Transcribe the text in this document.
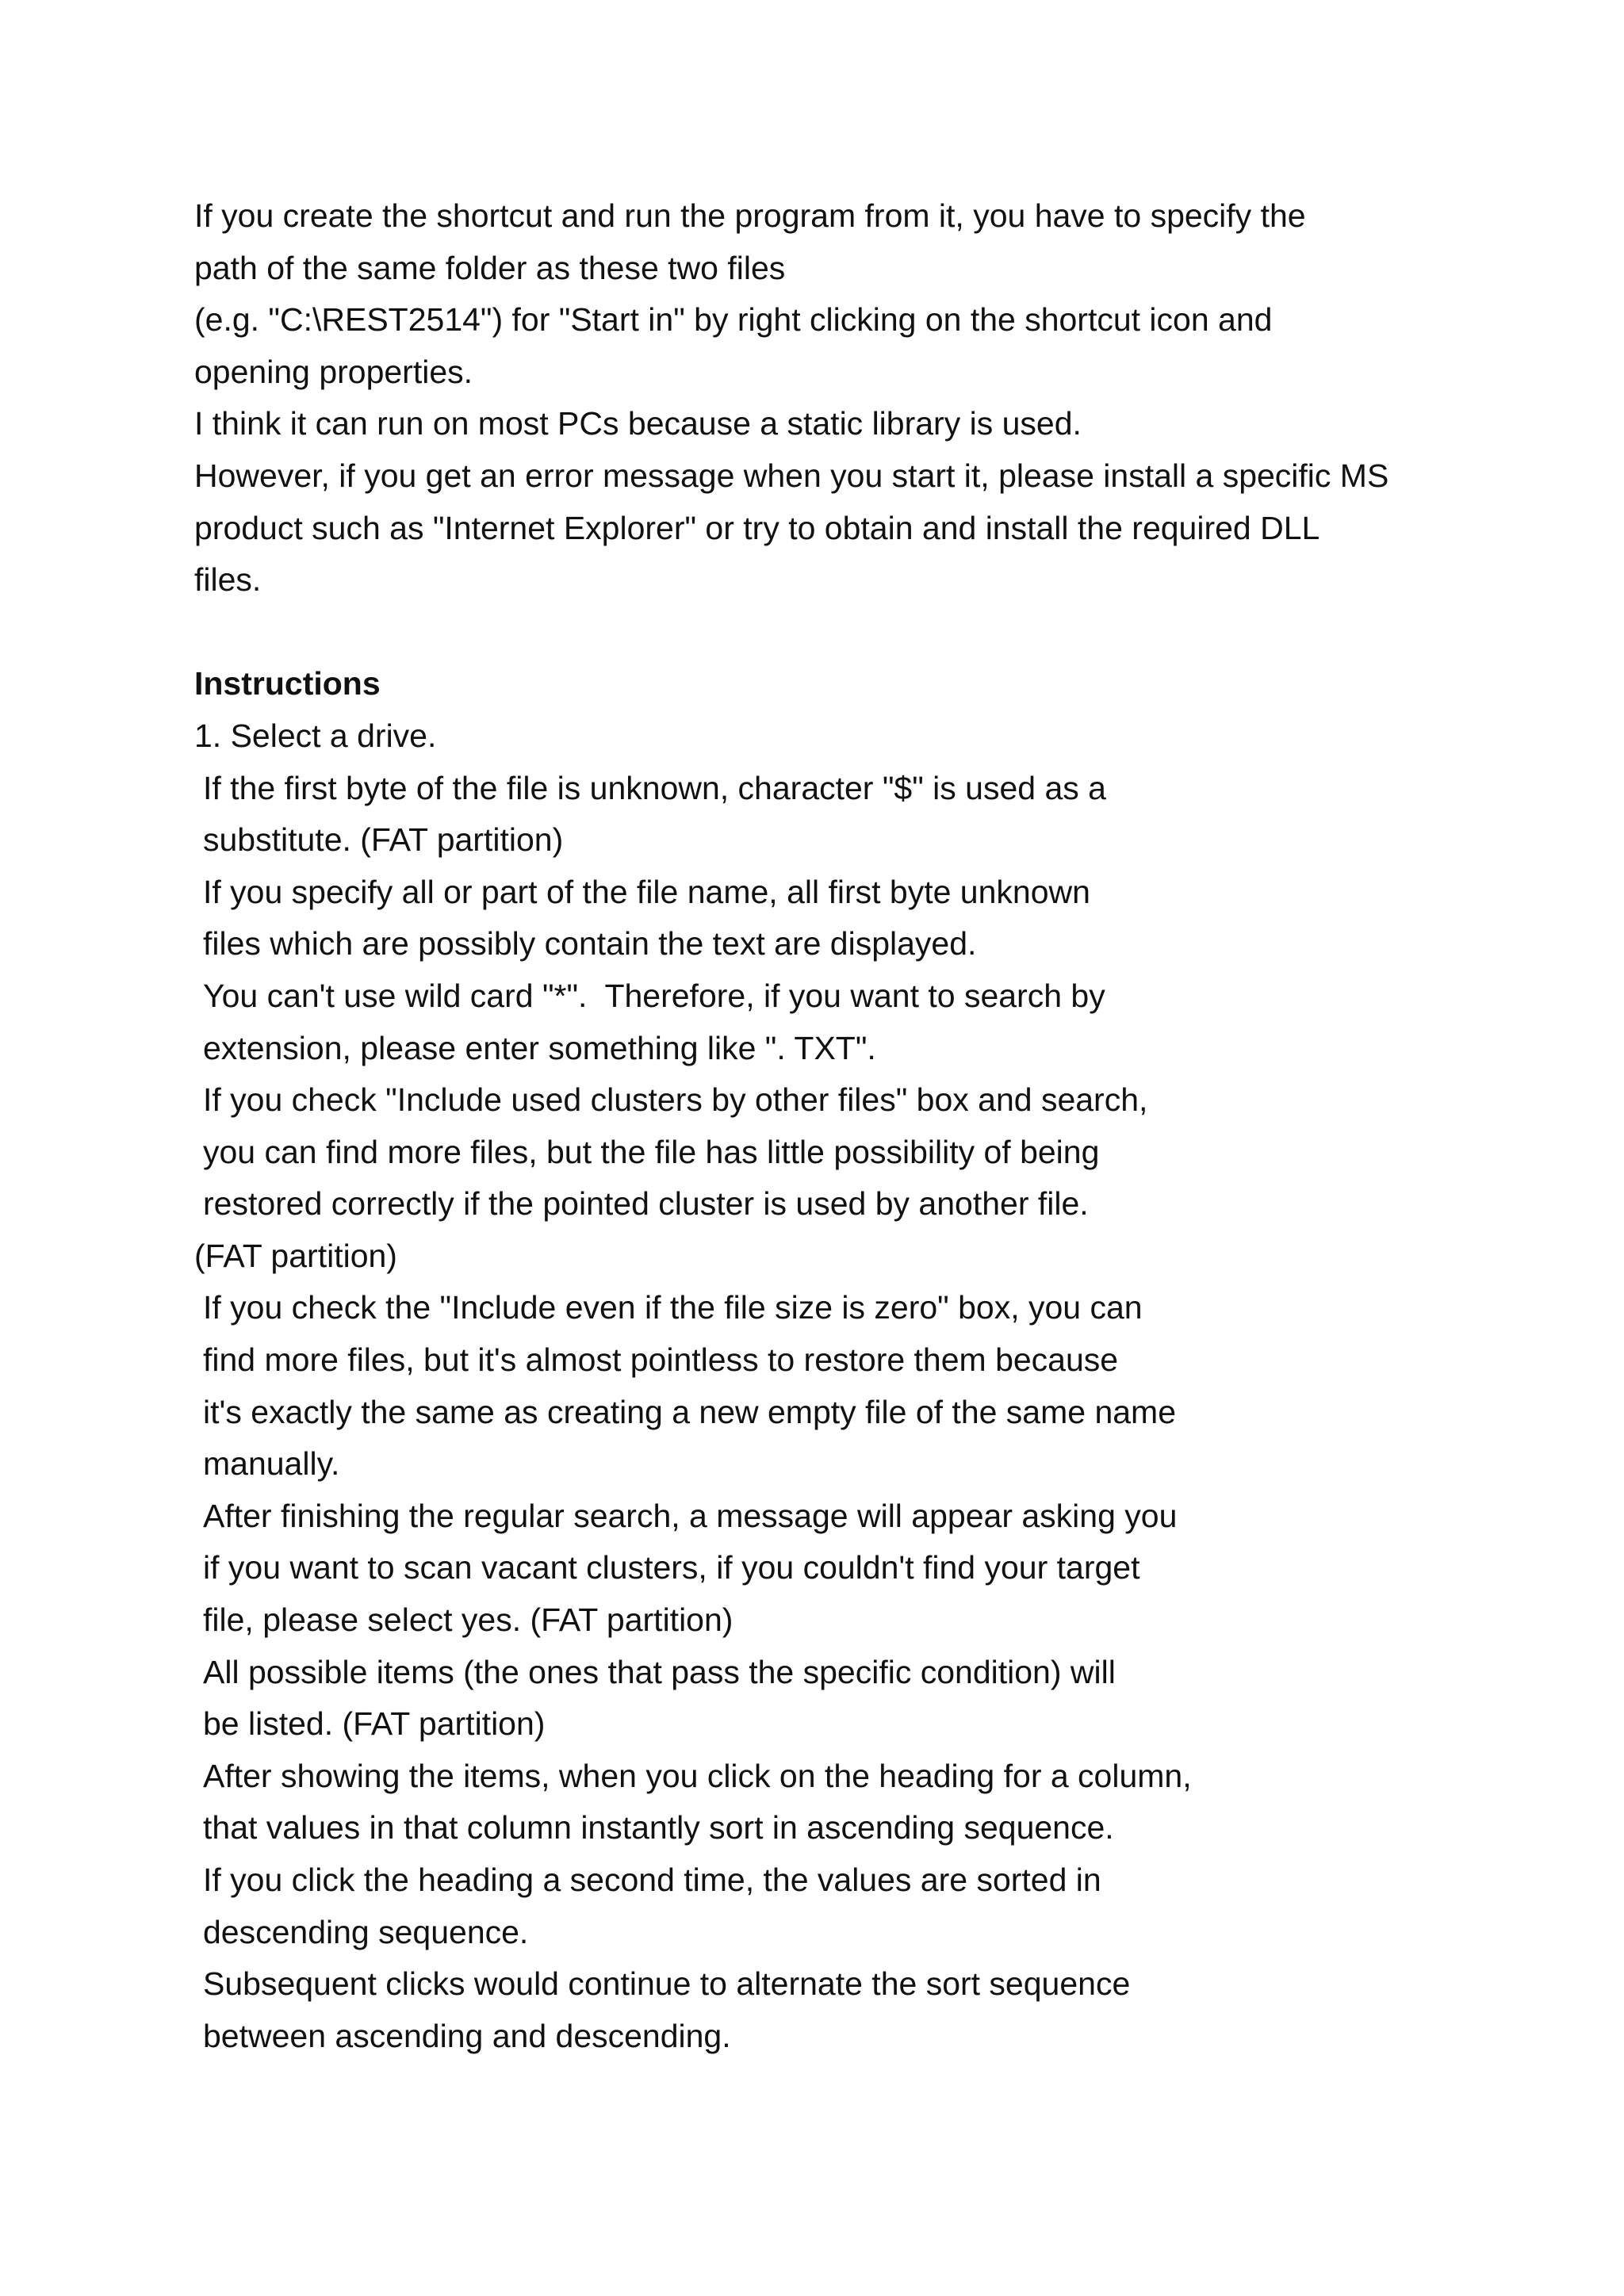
If you create the shortcut and run the program from it, you have to specify the
path of the same folder as these two files
(e.g. "C:\REST2514") for "Start in" by right clicking on the shortcut icon and
opening properties.
I think it can run on most PCs because a static library is used.
However, if you get an error message when you start it, please install a specific MS
product such as "Internet Explorer" or try to obtain and install the required DLL
files.
Instructions
1. Select a drive.
If the first byte of the file is unknown, character "$" is used as a
substitute. (FAT partition)
If you specify all or part of the file name, all first byte unknown
files which are possibly contain the text are displayed.
You can't use wild card "*".  Therefore, if you want to search by
extension, please enter something like ". TXT".
If you check "Include used clusters by other files" box and search,
you can find more files, but the file has little possibility of being
restored correctly if the pointed cluster is used by another file.
(FAT partition)
If you check the "Include even if the file size is zero" box, you can
find more files, but it's almost pointless to restore them because
it's exactly the same as creating a new empty file of the same name
manually.
After finishing the regular search, a message will appear asking you
if you want to scan vacant clusters, if you couldn't find your target
file, please select yes. (FAT partition)
All possible items (the ones that pass the specific condition) will
be listed. (FAT partition)
After showing the items, when you click on the heading for a column,
that values in that column instantly sort in ascending sequence.
If you click the heading a second time, the values are sorted in
descending sequence.
Subsequent clicks would continue to alternate the sort sequence
between ascending and descending.
